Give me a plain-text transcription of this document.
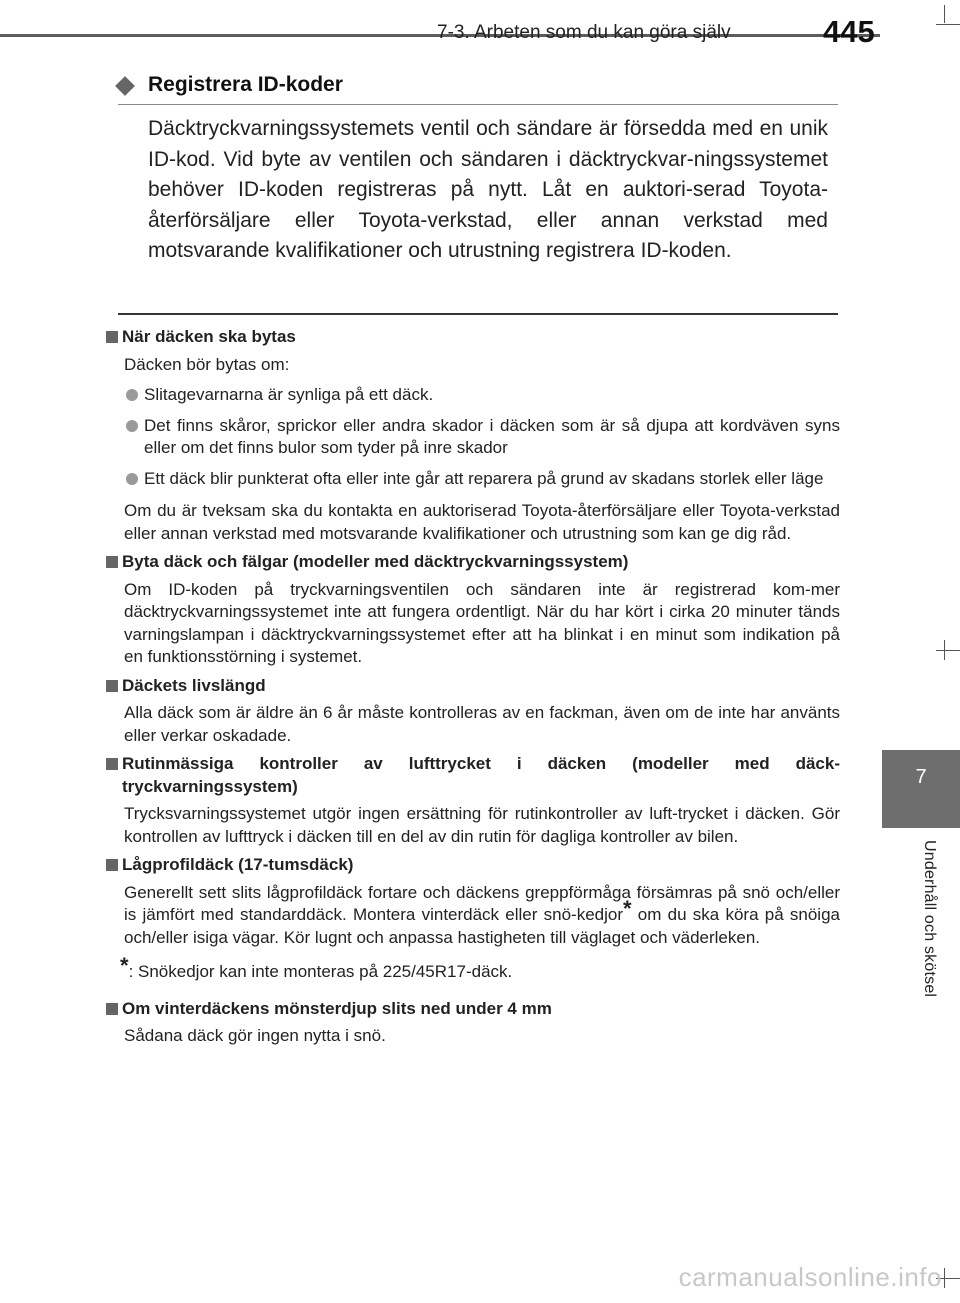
7-3. Arbeten som du kan göra själv	445
7
Underhåll och skötsel
Registrera ID-koder
Däcktryckvarningssystemets ventil och sändare är försedda med en unik ID-kod. Vid byte av ventilen och sändaren i däcktryckvar-ningssystemet behöver ID-koden registreras på nytt. Låt en auktori-serad Toyota-återförsäljare eller Toyota-verkstad, eller annan verkstad med motsvarande kvalifikationer och utrustning registrera ID-koden.
När däcken ska bytas
Däcken bör bytas om:
Slitagevarnarna är synliga på ett däck.
Det finns skåror, sprickor eller andra skador i däcken som är så djupa att kordväven syns eller om det finns bulor som tyder på inre skador
Ett däck blir punkterat ofta eller inte går att reparera på grund av skadans storlek eller läge
Om du är tveksam ska du kontakta en auktoriserad Toyota-återförsäljare eller Toyota-verkstad eller annan verkstad med motsvarande kvalifikationer och utrustning som kan ge dig råd.
Byta däck och fälgar (modeller med däcktryckvarningssystem)
Om ID-koden på tryckvarningsventilen och sändaren inte är registrerad kom-mer däcktryckvarningssystemet inte att fungera ordentligt. När du har kört i cirka 20 minuter tänds varningslampan i däcktryckvarningssystemet efter att ha blinkat i en minut som indikation på en funktionsstörning i systemet.
Däckets livslängd
Alla däck som är äldre än 6 år måste kontrolleras av en fackman, även om de inte har använts eller verkar oskadade.
Rutinmässiga kontroller av lufttrycket i däcken (modeller med däck-tryckvarningssystem)
Trycksvarningssystemet utgör ingen ersättning för rutinkontroller av luft-trycket i däcken. Gör kontrollen av lufttryck i däcken till en del av din rutin för dagliga kontroller av bilen.
Lågprofildäck (17-tumsdäck)
Generellt sett slits lågprofildäck fortare och däckens greppförmåga försämras på snö och/eller is jämfört med standarddäck. Montera vinterdäck eller snö-kedjor* om du ska köra på snöiga och/eller isiga vägar. Kör lugnt och anpassa hastigheten till väglaget och väderleken.
*: Snökedjor kan inte monteras på 225/45R17-däck.
Om vinterdäckens mönsterdjup slits ned under 4 mm
Sådana däck gör ingen nytta i snö.
carmanualsonline.info
